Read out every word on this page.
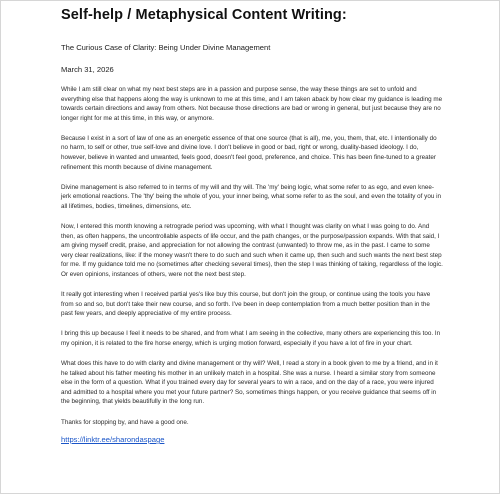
Self-help / Metaphysical Content Writing:
The Curious Case of Clarity: Being Under Divine Management
March 31, 2026

While I am still clear on what my next best steps are in a passion and purpose sense, the way these things are set to unfold and everything else that happens along the way is unknown to me at this time, and I am taken aback by how clear my guidance is leading me towards certain directions and away from others. Not because those directions are bad or wrong in general, but just because they are no longer right for me at this time, in this way, or anymore.

Because I exist in a sort of law of one as an energetic essence of that one source (that is all), me, you, them, that, etc. I intentionally do no harm, to self or other, true self-love and divine love. I don't believe in good or bad, right or wrong, duality-based ideology. I do, however, believe in wanted and unwanted, feels good, doesn't feel good, preference, and choice. This has been fine-tuned to a greater refinement this month because of divine management.

Divine management is also referred to in terms of my will and thy will. The 'my' being logic, what some refer to as ego, and even knee-jerk emotional reactions. The 'thy' being the whole of you, your inner being, what some refer to as the soul, and even the totality of you in all lifetimes, bodies, timelines, dimensions, etc.

Now, I entered this month knowing a retrograde period was upcoming, with what I thought was clarity on what I was going to do. And then, as often happens, the uncontrollable aspects of life occur, and the path changes, or the purpose/passion expands. With that said, I am giving myself credit, praise, and appreciation for not allowing the contrast (unwanted) to throw me, as in the past. I came to some very clear realizations, like: if the money wasn't there to do such and such when it came up, then such and such wants the next best step for me. If my guidance told me no (sometimes after checking several times), then the step I was thinking of taking, regardless of the logic. Or even opinions, instances of others, were not the next best step.

It really got interesting when I received partial yes's like buy this course, but don't join the group, or continue using the tools you have from so and so, but don't take their new course, and so forth. I've been in deep contemplation from a much better position than in the past few years, and deeply appreciative of my entire process.

I bring this up because I feel it needs to be shared, and from what I am seeing in the collective, many others are experiencing this too. In my opinion, it is related to the fire horse energy, which is urging motion forward, especially if you have a lot of fire in your chart.

What does this have to do with clarity and divine management or thy will? Well, I read a story in a book given to me by a friend, and in it he talked about his father meeting his mother in an unlikely match in a hospital. She was a nurse. I heard a similar story from someone else in the form of a question. What if you trained every day for several years to win a race, and on the day of a race, you were injured and admitted to a hospital where you met your future partner? So, sometimes things happen, or you receive guidance that seems off in the beginning, that yields beautifully in the long run.

Thanks for stopping by, and have a good one.

https://linktr.ee/sharondaspage
